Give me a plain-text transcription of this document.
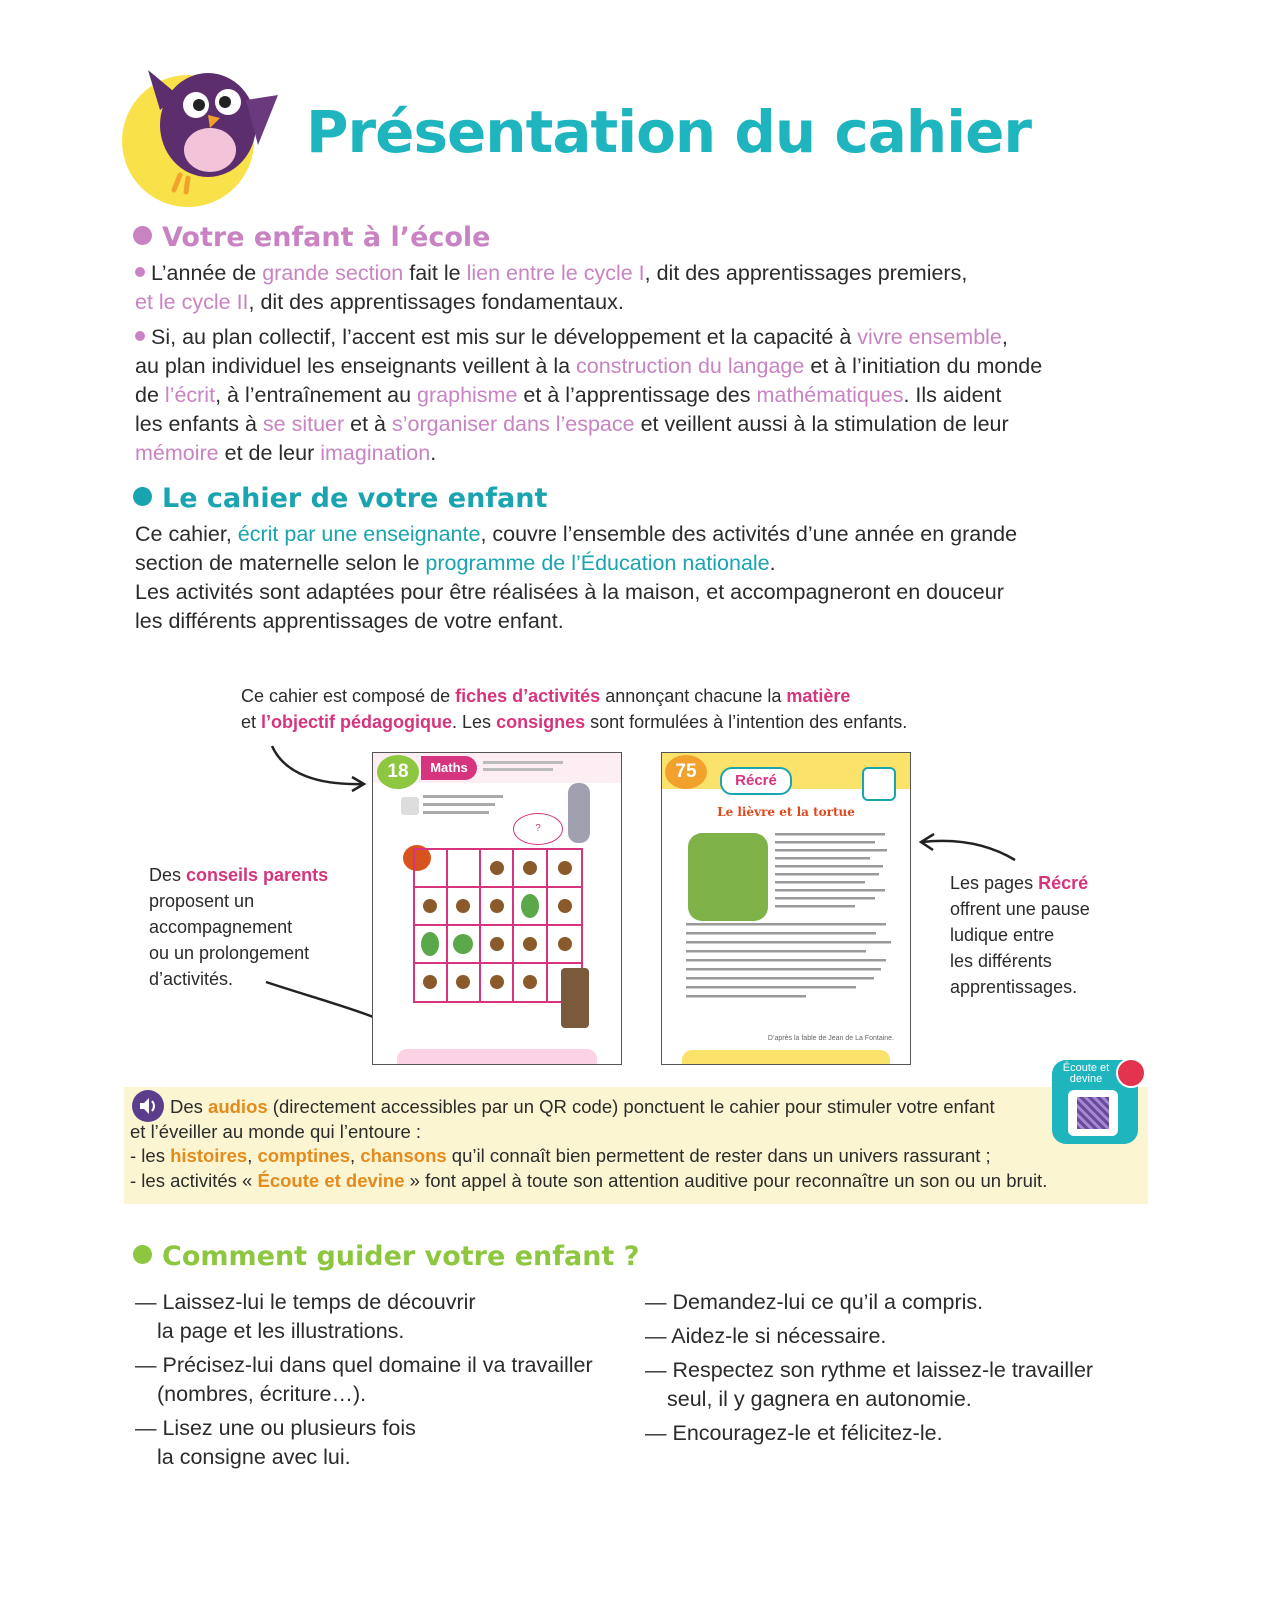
Présentation du cahier
Votre enfant à l’école

L’année de grande section fait le lien entre le cycle I, dit des apprentissages premiers,

et le cycle II, dit des apprentissages fondamentaux.

Si, au plan collectif, l’accent est mis sur le développement et la capacité à vivre ensemble,

au plan individuel les enseignants veillent à la construction du langage et à l’initiation du monde

de l’écrit, à l’entraînement au graphisme et à l’apprentissage des mathématiques. Ils aident

les enfants à se situer et à s’organiser dans l’espace et veillent aussi à la stimulation de leur

mémoire et de leur imagination.

Le cahier de votre enfant

Ce cahier, écrit par une enseignante, couvre l’ensemble des activités d’une année en grande

section de maternelle selon le programme de l’Éducation nationale.

Les activités sont adaptées pour être réalisées à la maison, et accompagneront en douceur

les différents apprentissages de votre enfant.

Ce cahier est composé de fiches d’activités annonçant chacune la matière
et l’objectif pédagogique. Les consignes sont formulées à l’intention des enfants.
Des conseils parents
proposent un
accompagnement
ou un prolongement
d’activités.
Les pages Récré
offrent une pause
ludique entre
les différents
apprentissages.
18	Maths
?
75	Récré
Le lièvre et la tortue
D’après la fable de Jean de La Fontaine.
Des audios (directement accessibles par un QR code) ponctuent le cahier pour stimuler votre enfant
et l’éveiller au monde qui l’entoure :
- les histoires, comptines, chansons qu’il connaît bien permettent de rester dans un univers rassurant ;
- les activités « Écoute et devine » font appel à toute son attention auditive pour reconnaître un son ou un bruit.
Écoute et devine
Comment guider votre enfant ?
— Laissez-lui le temps de découvrir
la page et les illustrations.
— Précisez-lui dans quel domaine il va travailler
(nombres, écriture…).
— Lisez une ou plusieurs fois
la consigne avec lui.
— Demandez-lui ce qu’il a compris.
— Aidez-le si nécessaire.
— Respectez son rythme et laissez-le travailler
seul, il y gagnera en autonomie.
— Encouragez-le et félicitez-le.
